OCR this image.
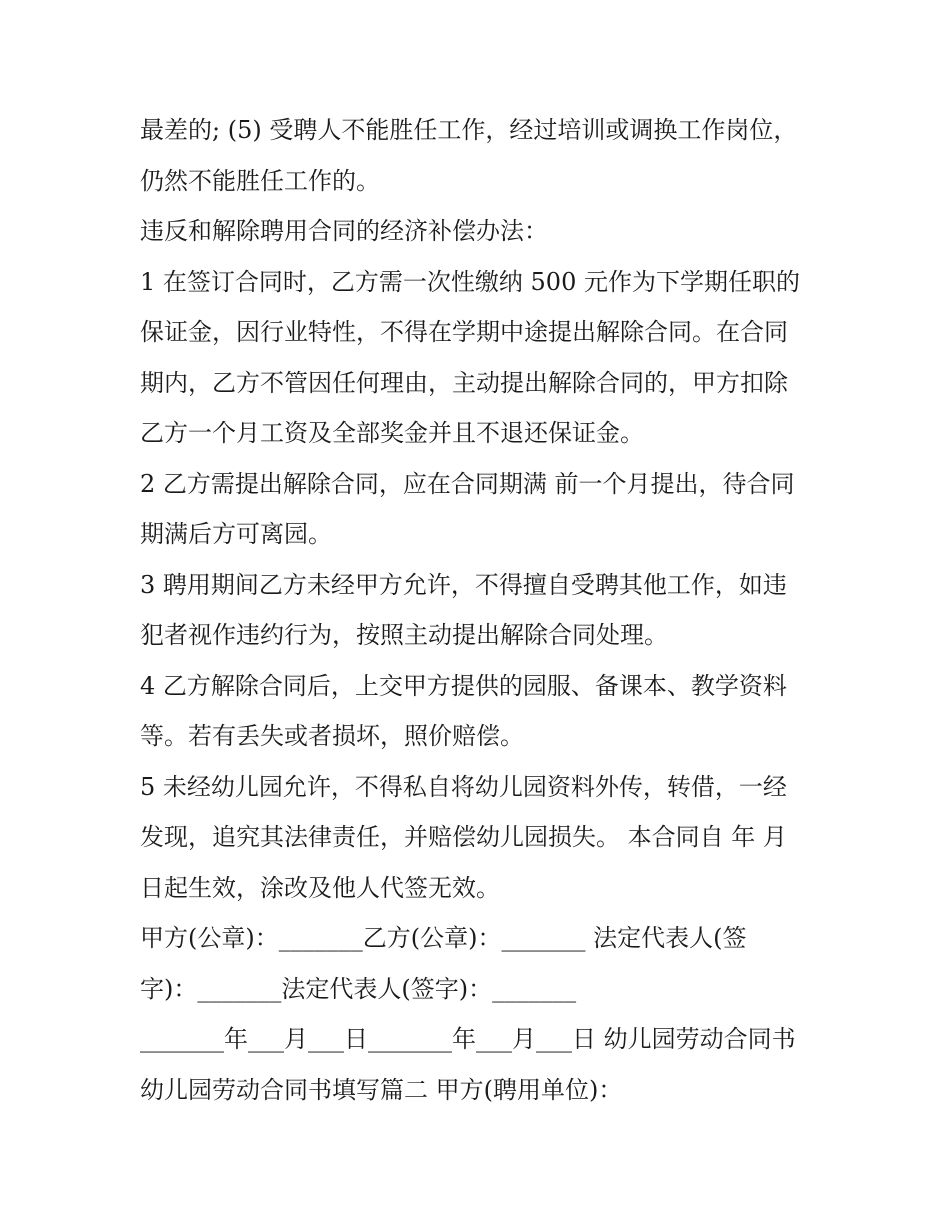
最差的; (5) 受聘人不能胜任工作，经过培训或调换工作岗位，
仍然不能胜任工作的。
违反和解除聘用合同的经济补偿办法：
1 在签订合同时，乙方需一次性缴纳 500 元作为下学期任职的
保证金，因行业特性，不得在学期中途提出解除合同。在合同
期内，乙方不管因任何理由，主动提出解除合同的，甲方扣除
乙方一个月工资及全部奖金并且不退还保证金。
2 乙方需提出解除合同，应在合同期满 前一个月提出，待合同
期满后方可离园。
3 聘用期间乙方未经甲方允许，不得擅自受聘其他工作，如违
犯者视作违约行为，按照主动提出解除合同处理。
4 乙方解除合同后，上交甲方提供的园服、备课本、教学资料
等。若有丢失或者损坏，照价赔偿。
5 未经幼儿园允许，不得私自将幼儿园资料外传，转借，一经
发现，追究其法律责任，并赔偿幼儿园损失。 本合同自 年 月
日起生效，涂改及他人代签无效。
甲方(公章)：_______乙方(公章)：_______ 法定代表人(签
字)：_______法定代表人(签字)：_______
_______年___月___日_______年___月___日 幼儿园劳动合同书
幼儿园劳动合同书填写篇二 甲方(聘用单位)：
